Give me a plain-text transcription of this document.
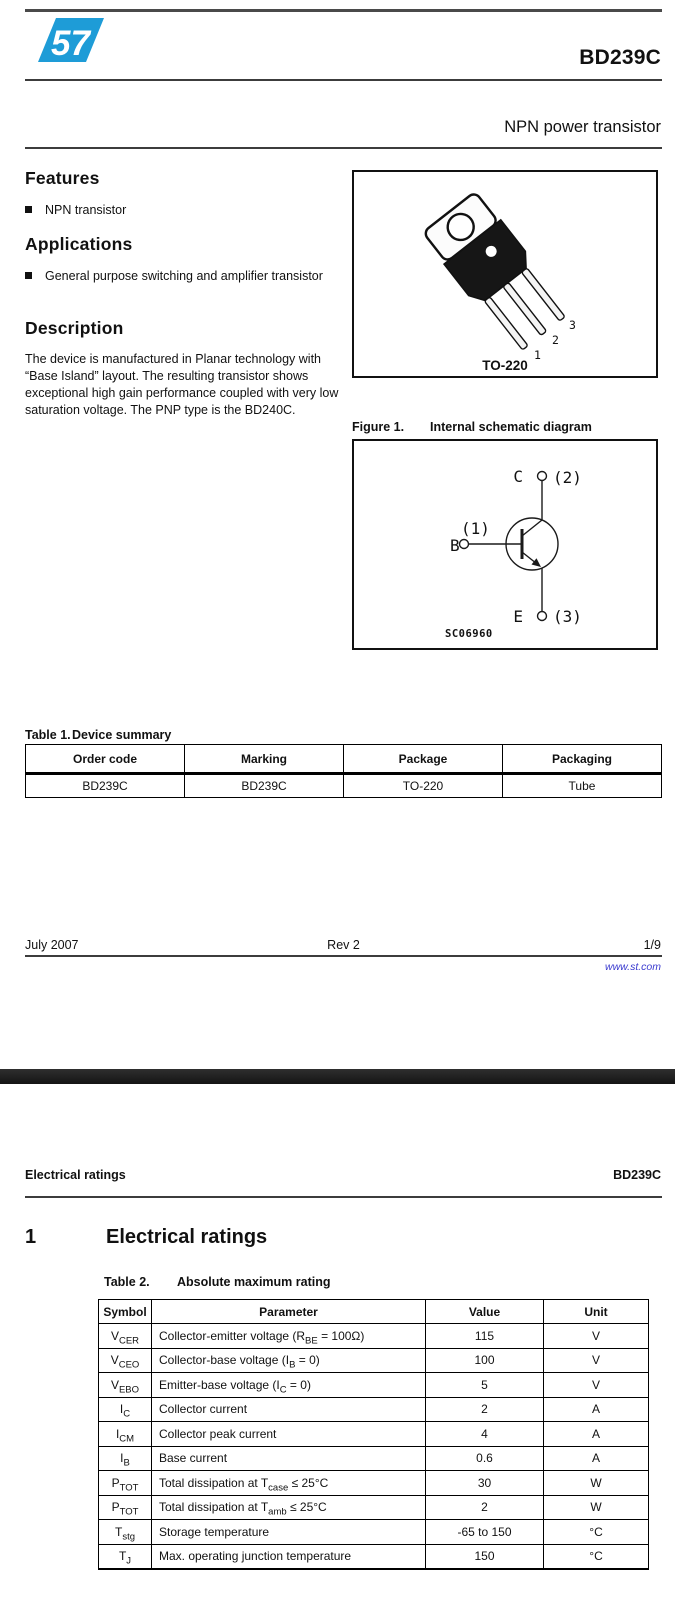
57	BD239C
NPN power transistor
Features
NPN transistor
Applications
General purpose switching and amplifier transistor
Description
The device is manufactured in Planar technology with “Base Island” layout. The resulting transistor shows exceptional high gain performance coupled with very low saturation voltage. The PNP type is the BD240C.
1
2
3
TO-220
Figure 1. Internal schematic diagram
C (2)
B
(1)
E (3)
SC06960
Table 1. Device summary
Order code	Marking	Package	Packaging
BD239C	BD239C	TO-220	Tube
July 2007	Rev 2	1/9
www.st.com
Electrical ratings	BD239C
1	Electrical ratings
Table 2. Absolute maximum rating
Symbol	Parameter	Value	Unit
$V_{CER}$	Collector-emitter voltage $(R_{BE} = 100\Omega)$	115	V
$V_{CEO}$	Collector-base voltage $(I_B = 0)$	100	V
$V_{EBO}$	Emitter-base voltage $(I_C = 0)$	5	V
$I_C$	Collector current	2	A
$I_{CM}$	Collector peak current	4	A
$I_B$	Base current	0.6	A
$P_{TOT}$	Total dissipation at $T_{case} \le 25^\circ C$	30	W
$P_{TOT}$	Total dissipation at $T_{amb} \le 25^\circ C$	2	W
$T_{stg}$	Storage temperature	-65 to 150	°C
$T_J$	Max. operating junction temperature	150	°C
